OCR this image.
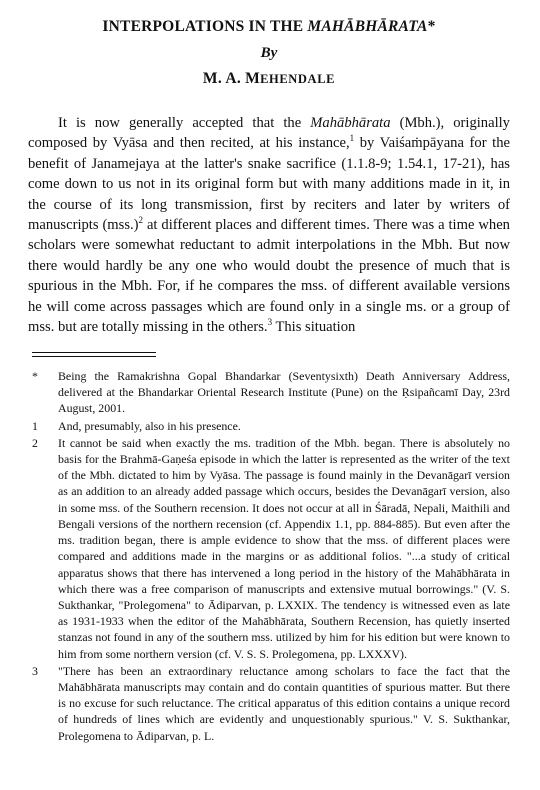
INTERPOLATIONS IN THE MAHĀBHĀRATA*
By
M. A. MEHENDALE

It is now generally accepted that the Mahābhārata (Mbh.), originally composed by Vyāsa and then recited, at his instance,$^1$ by Vaiśaṁpāyana for the benefit of Janamejaya at the latter's snake sacrifice (1.1.8-9; 1.54.1, 17-21), has come down to us not in its original form but with many additions made in it, in the course of its long transmission, first by reciters and later by writers of manuscripts $(mss.)^2$ at different places and different times. There was a time when scholars were somewhat reductant to admit interpolations in the Mbh. But now there would hardly be any one who would doubt the presence of much that is spurious in the Mbh. For, if he compares the mss. of different available versions he will come across passages which are found only in a single ms. or a group of mss. but are totally missing in the others.$^3$ This situation

*	Being the Ramakrishna Gopal Bhandarkar (Seventysixth) Death Anniversary Address, delivered at the Bhandarkar Oriental Research Institute (Pune) on the Ṛsipañcamī Day, 23rd August, 2001.
1	And, presumably, also in his presence.
2	It cannot be said when exactly the ms. tradition of the Mbh. began. There is absolutely no basis for the Brahmā-Gaṇeśa episode in which the latter is represented as the writer of the text of the Mbh. dictated to him by Vyāsa. The passage is found mainly in the Devanāgarī version as an addition to an already added passage which occurs, besides the Devanāgarī version, also in some mss. of the Southern recension. It does not occur at all in Śāradā, Nepali, Maithili and Bengali versions of the northern recension (cf. Appendix 1.1, pp. 884-885). But even after the ms. tradition began, there is ample evidence to show that the mss. of different places were compared and additions made in the margins or as additional folios. "...a study of critical apparatus shows that there has intervened a long period in the history of the Mahābhārata in which there was a free comparison of manuscripts and extensive mutual borrowings." (V. S. Sukthankar, "Prolegomena" to Ādiparvan, p. LXXIX. The tendency is witnessed even as late as 1931-1933 when the editor of the Mahābhārata, Southern Recension, has quietly inserted stanzas not found in any of the southern mss. utilized by him for his edition but were known to him from some northern version (cf. V. S. S. Prolegomena, pp. LXXXV).
3	"There has been an extraordinary reluctance among scholars to face the fact that the Mahābhārata manuscripts may contain and do contain quantities of spurious matter. But there is no excuse for such reluctance. The critical apparatus of this edition contains a unique record of hundreds of lines which are evidently and unquestionably spurious." V. S. Sukthankar, Prolegomena to Ādiparvan, p. L.
